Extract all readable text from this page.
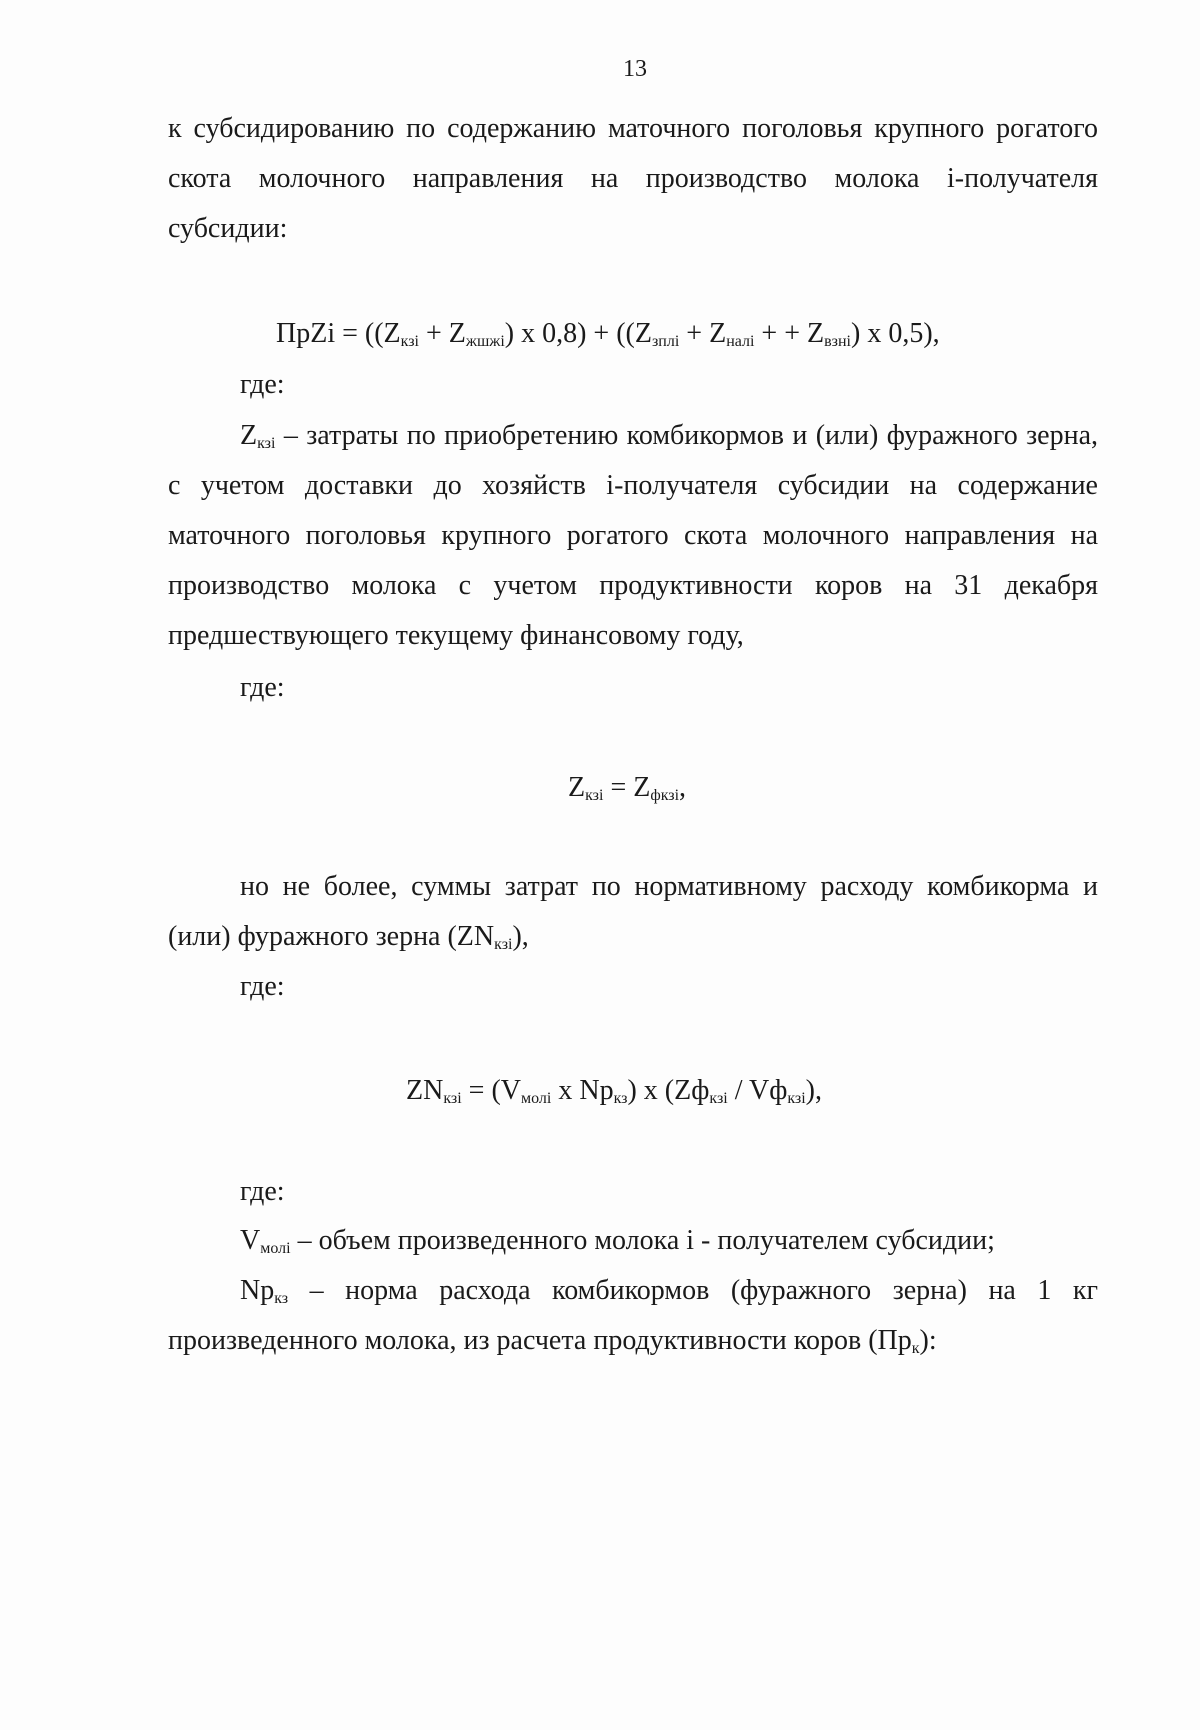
13
к субсидированию по содержанию маточного поголовья крупного рогатого скота молочного направления на производство молока i-получателя субсидии:
ПрZi = ($(Z_{кзi} + Z_{жшжi})$ х $0,8) + ((Z_{зплi} + Z_{налi}$ + + $Z_{взнi}$) х 0,5),
где:
$Z_{кзi}$ – затраты по приобретению комбикормов и (или) фуражного зерна, с учетом доставки до хозяйств i-получателя субсидии на содержание маточного поголовья крупного рогатого скота молочного направления на производство молока с учетом продуктивности коров на 31 декабря предшествующего текущему финансовому году,
где:
$Z_{кзi} = Z_{фкзi}$,
но не более, суммы затрат по нормативному расходу комбикорма и (или) фуражного зерна $(ZN_{кзi})$,
где:
$ZN_{кзi} = (V_{молi}$ x $Np_{кз}$) х $(Zф_{кзi} / Vф_{кзi})$,
где:
$V_{молi}$ – объем произведенного молока i - получателем субсидии;
$Np_{кз}$ – норма расхода комбикормов (фуражного зерна) на 1 кг произведенного молока, из расчета продуктивности коров $(Пр_к)$:
